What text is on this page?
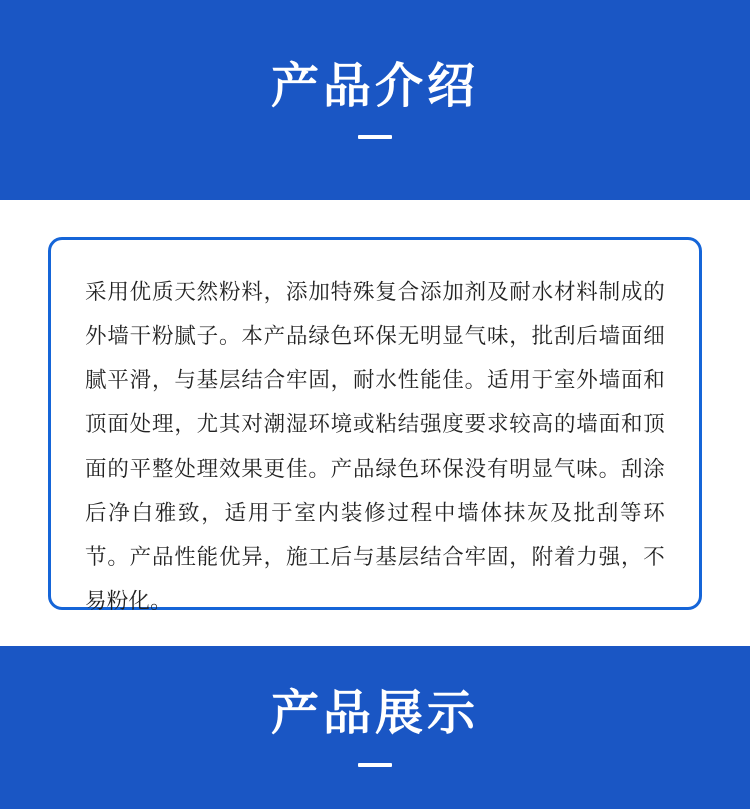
产品介绍

采用优质天然粉料，添加特殊复合添加剂及耐水材料制成的外墙干粉腻子。本产品绿色环保无明显气味，批刮后墙面细腻平滑，与基层结合牢固，耐水性能佳。适用于室外墙面和顶面处理，尤其对潮湿环境或粘结强度要求较高的墙面和顶面的平整处理效果更佳。产品绿色环保没有明显气味。刮涂后净白雅致，适用于室内装修过程中墙体抹灰及批刮等环节。产品性能优异，施工后与基层结合牢固，附着力强，不易粉化。

产品展示
